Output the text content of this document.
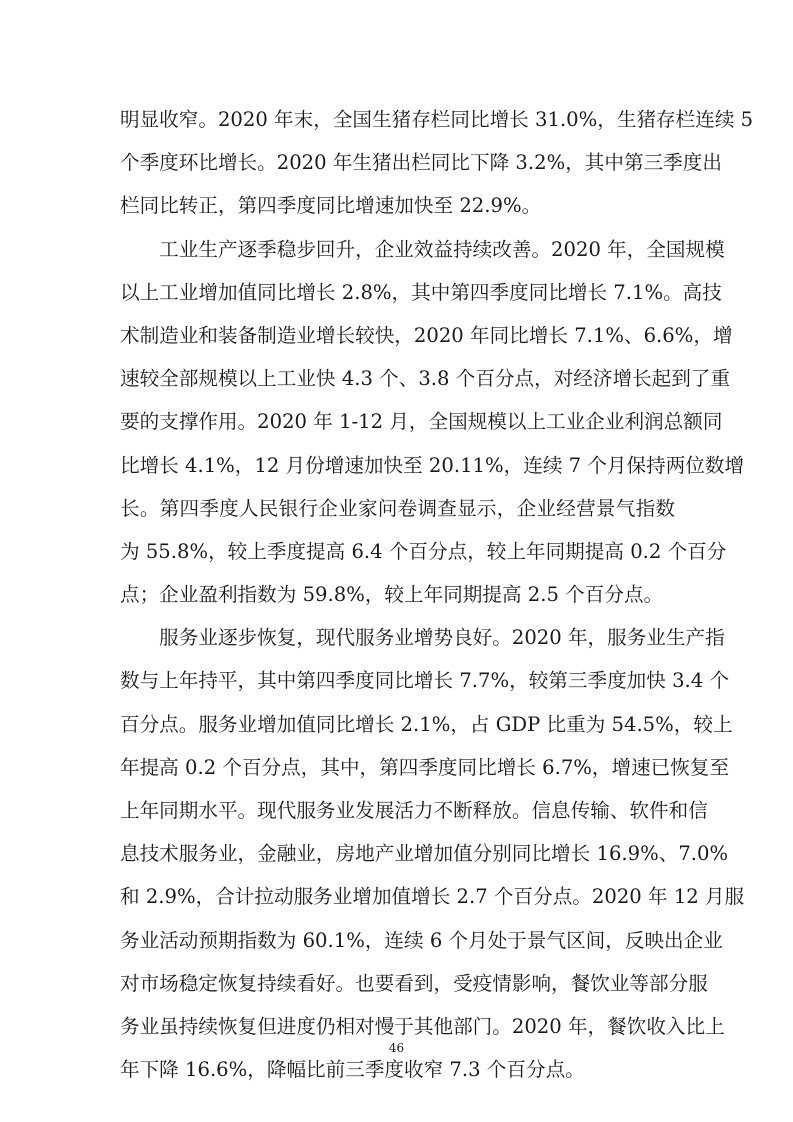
明显收窄。2020 年末，全国生猪存栏同比增长 31.0%，生猪存栏连续 5
个季度环比增长。2020 年生猪出栏同比下降 3.2%，其中第三季度出
栏同比转正，第四季度同比增速加快至 22.9%。
　　工业生产逐季稳步回升，企业效益持续改善。2020 年，全国规模
以上工业增加值同比增长 2.8%，其中第四季度同比增长 7.1%。高技
术制造业和装备制造业增长较快，2020 年同比增长 7.1%、6.6%，增
速较全部规模以上工业快 4.3 个、3.8 个百分点，对经济增长起到了重
要的支撑作用。2020 年 1-12 月，全国规模以上工业企业利润总额同
比增长 4.1%，12 月份增速加快至 20.11%，连续 7 个月保持两位数增
长。第四季度人民银行企业家问卷调查显示，企业经营景气指数
为 55.8%，较上季度提高 6.4 个百分点，较上年同期提高 0.2 个百分
点；企业盈利指数为 59.8%，较上年同期提高 2.5 个百分点。
　　服务业逐步恢复，现代服务业增势良好。2020 年，服务业生产指
数与上年持平，其中第四季度同比增长 7.7%，较第三季度加快 3.4 个
百分点。服务业增加值同比增长 2.1%，占 GDP 比重为 54.5%，较上
年提高 0.2 个百分点，其中，第四季度同比增长 6.7%，增速已恢复至
上年同期水平。现代服务业发展活力不断释放。信息传输、软件和信
息技术服务业，金融业，房地产业增加值分别同比增长 16.9%、7.0%
和 2.9%，合计拉动服务业增加值增长 2.7 个百分点。2020 年 12 月服
务业活动预期指数为 60.1%，连续 6 个月处于景气区间，反映出企业
对市场稳定恢复持续看好。也要看到，受疫情影响，餐饮业等部分服
务业虽持续恢复但进度仍相对慢于其他部门。2020 年，餐饮收入比上
年下降 16.6%，降幅比前三季度收窄 7.3 个百分点。
46
